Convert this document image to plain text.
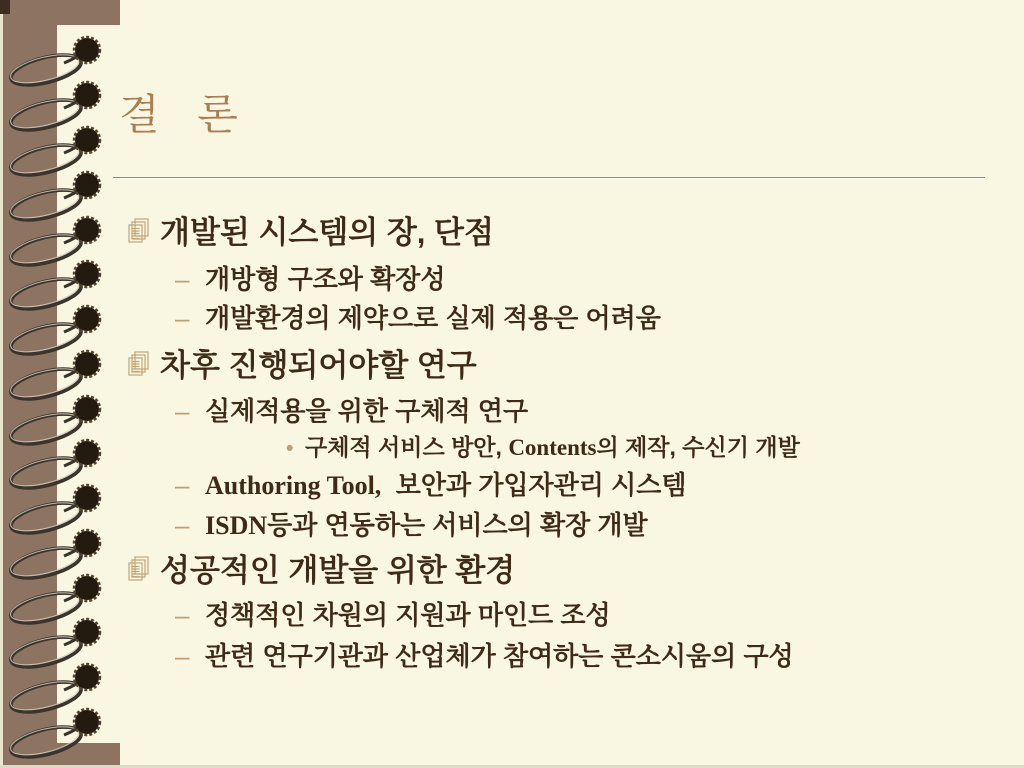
결 론
개발된 시스템의 장, 단점
– 개방형 구조와 확장성
– 개발환경의 제약으로 실제 적용은 어려움
차후 진행되어야할 연구
– 실제적용을 위한 구체적 연구
• 구체적 서비스 방안, Contents의 제작, 수신기 개발
– Authoring Tool,  보안과 가입자관리 시스템
– ISDN등과 연동하는 서비스의 확장 개발
성공적인 개발을 위한 환경
– 정책적인 차원의 지원과 마인드 조성
– 관련 연구기관과 산업체가 참여하는 콘소시움의 구성
